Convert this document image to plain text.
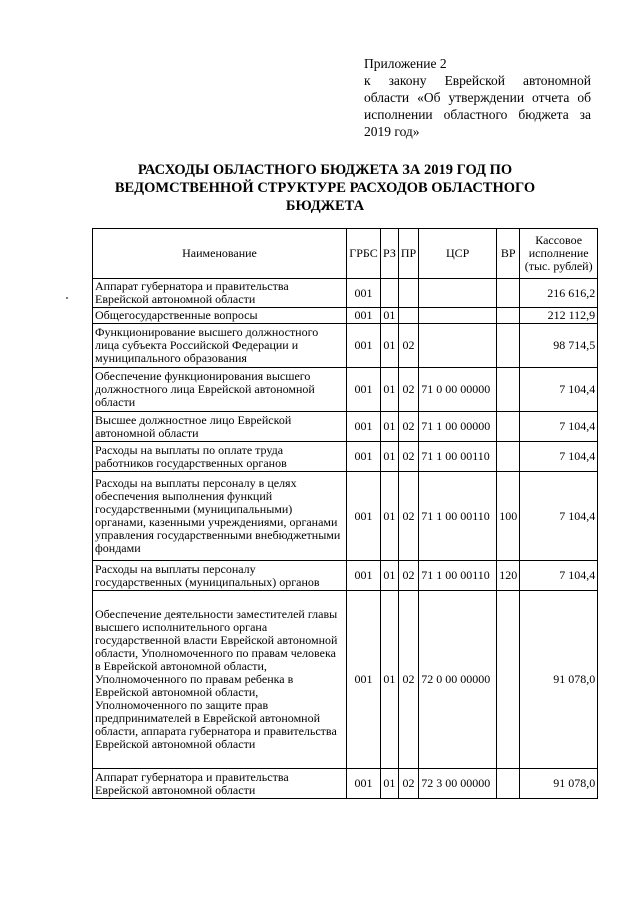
Приложение 2
к закону Еврейской автономной области «Об утверждении отчета об исполнении областного бюджета за 2019 год»
РАСХОДЫ ОБЛАСТНОГО БЮДЖЕТА ЗА 2019 ГОД ПО ВЕДОМСТВЕННОЙ СТРУКТУРЕ РАСХОДОВ ОБЛАСТНОГО БЮДЖЕТА
Наименование	ГРБС	РЗ	ПР	ЦСР	ВР	Кассовое исполнение (тыс. рублей)
Аппарат губернатора и правительства Еврейской автономной области	001					216 616,2
Общегосударственные вопросы	001	01				212 112,9
Функционирование высшего должностного лица субъекта Российской Федерации и муниципального образования	001	01	02			98 714,5
Обеспечение функционирования высшего должностного лица Еврейской автономной области	001	01	02	71 0 00 00000		7 104,4
Высшее должностное лицо Еврейской автономной области	001	01	02	71 1 00 00000		7 104,4
Расходы на выплаты по оплате труда работников государственных органов	001	01	02	71 1 00 00110		7 104,4
Расходы на выплаты персоналу в целях обеспечения выполнения функций государственными (муниципальными) органами, казенными учреждениями, органами управления государственными внебюджетными фондами	001	01	02	71 1 00 00110	100	7 104,4
Расходы на выплаты персоналу государственных (муниципальных) органов	001	01	02	71 1 00 00110	120	7 104,4
Обеспечение деятельности заместителей главы высшего исполнительного органа государственной власти Еврейской автономной области, Уполномоченного по правам человека в Еврейской автономной области, Уполномоченного по правам ребенка в Еврейской автономной области, Уполномоченного по защите прав предпринимателей в Еврейской автономной области, аппарата губернатора и правительства Еврейской автономной области	001	01	02	72 0 00 00000		91 078,0
Аппарат губернатора и правительства Еврейской автономной области	001	01	02	72 3 00 00000		91 078,0
